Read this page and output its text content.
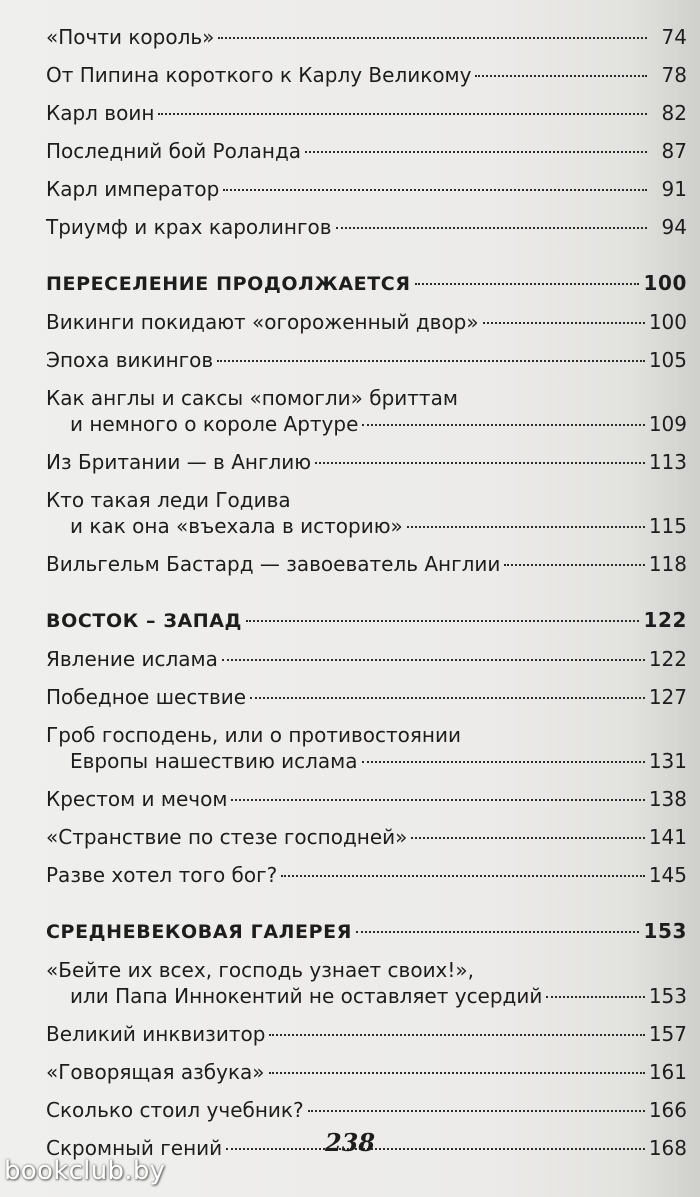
«Почти король»	74
От Пипина короткого к Карлу Великому	78
Карл воин	82
Последний бой Роланда	87
Карл император	91
Триумф и крах каролингов	94
ПЕРЕСЕЛЕНИЕ ПРОДОЛЖАЕТСЯ	100
Викинги покидают «огороженный двор»	100
Эпоха викингов	105
Как англы и саксы «помогли» бриттам
и немного о короле Артуре	109
Из Британии — в Англию	113
Кто такая леди Годива
и как она «въехала в историю»	115
Вильгельм Бастард — завоеватель Англии	118
ВОСТОК – ЗАПАД	122
Явление ислама	122
Победное шествие	127
Гроб господень, или о противостоянии
Европы нашествию ислама	131
Крестом и мечом	138
«Странствие по стезе господней»	141
Разве хотел того бог?	145
СРЕДНЕВЕКОВАЯ ГАЛЕРЕЯ	153
«Бейте их всех, господь узнает своих!»,
или Папа Иннокентий не оставляет усердий	153
Великий инквизитор	157
«Говорящая азбука»	161
Сколько стоил учебник?	166
Скромный гений	168
238
bookclub.by
